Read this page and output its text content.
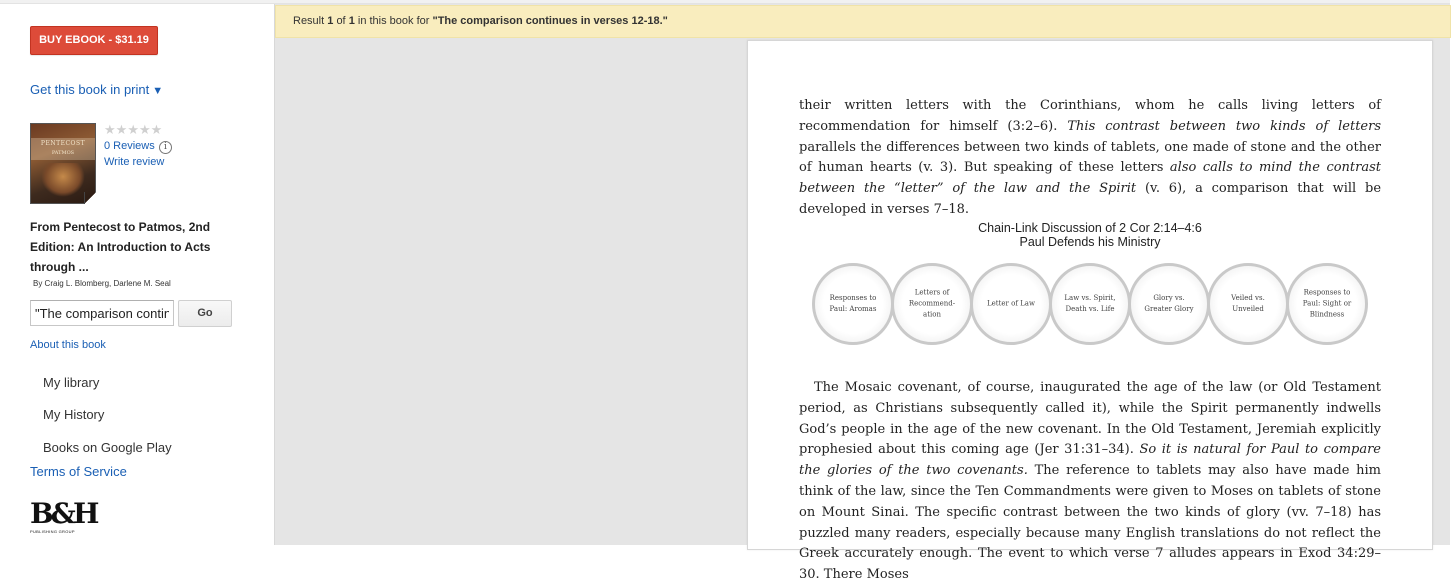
BUY EBOOK - $31.19
Get this book in print ▼
PENTECOST
PATMOS
★★★★★
0 Reviews	i
Write review
From Pentecost to Patmos, 2nd Edition: An Introduction to Acts through ...
By Craig L. Blomberg, Darlene M. Seal
"The comparison contin
Go
About this book
My library
My History
Books on Google Play
Terms of Service
B&H
PUBLISHING GROUP
Result 1 of 1 in this book for "The comparison continues in verses 12-18."

their written letters with the Corinthians, whom he calls living letters of recommendation for himself (3:2–6). This contrast between two kinds of letters parallels the differences between two kinds of tablets, one made of stone and the other of human hearts (v. 3). But speaking of these letters also calls to mind the contrast between the “letter” of the law and the Spirit (v. 6), a comparison that will be developed in verses 7–18.

Chain-Link Discussion of 2 Cor 2:14–4:6
Paul Defends his Ministry
Responses to Paul: Aromas
Letters of Recommend- ation
Letter of Law
Law vs. Spirit, Death vs. Life
Glory vs. Greater Glory
Veiled vs. Unveiled
Responses to Paul: Sight or Blindness

The Mosaic covenant, of course, inaugurated the age of the law (or Old Testament period, as Christians subsequently called it), while the Spirit permanently indwells God’s people in the age of the new covenant. In the Old Testament, Jeremiah explicitly prophesied about this coming age (Jer 31:31–34). So it is natural for Paul to compare the glories of the two covenants. The reference to tablets may also have made him think of the law, since the Ten Commandments were given to Moses on tablets of stone on Mount Sinai. The specific contrast between the two kinds of glory (vv. 7–18) has puzzled many readers, especially because many English translations do not reflect the Greek accurately enough. The event to which verse 7 alludes appears in Exod 34:29–30. There Moses
